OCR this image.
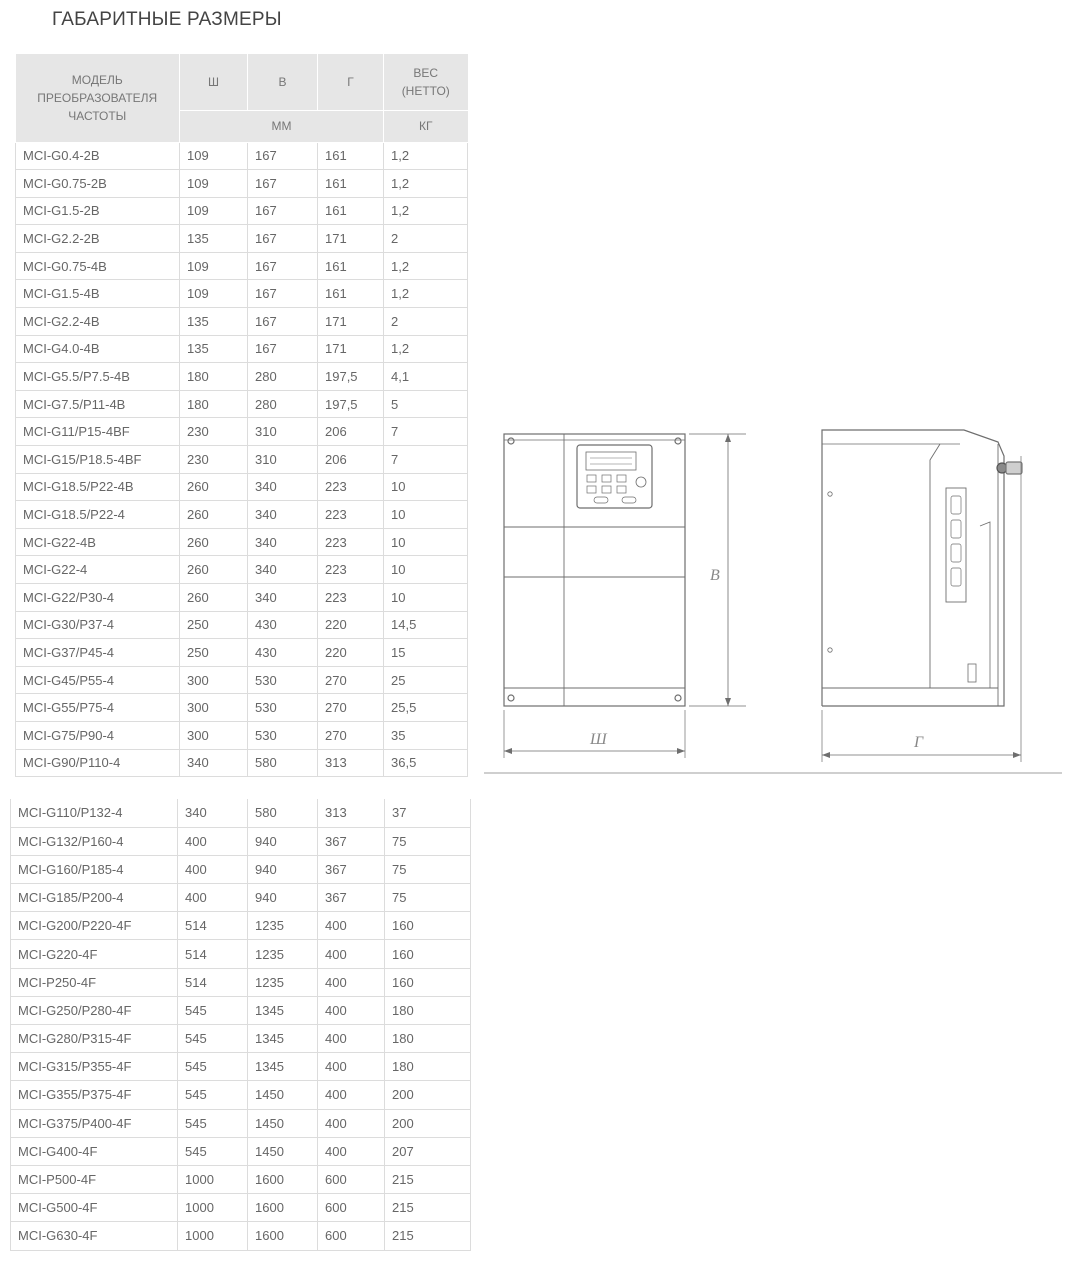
ГАБАРИТНЫЕ РАЗМЕРЫ
МОДЕЛЬ ПРЕОБРАЗОВАТЕЛЯ ЧАСТОТЫ	Ш	В	Г	ВЕС (НЕТТО)
	ММ			КГ
MCI-G0.4-2B	109	167	161	1,2
MCI-G0.75-2B	109	167	161	1,2
MCI-G1.5-2B	109	167	161	1,2
MCI-G2.2-2B	135	167	171	2
MCI-G0.75-4B	109	167	161	1,2
MCI-G1.5-4B	109	167	161	1,2
MCI-G2.2-4B	135	167	171	2
MCI-G4.0-4B	135	167	171	1,2
MCI-G5.5/P7.5-4B	180	280	197,5	4,1
MCI-G7.5/P11-4B	180	280	197,5	5
MCI-G11/P15-4BF	230	310	206	7
MCI-G15/P18.5-4BF	230	310	206	7
MCI-G18.5/P22-4B	260	340	223	10
MCI-G18.5/P22-4	260	340	223	10
MCI-G22-4B	260	340	223	10
MCI-G22-4	260	340	223	10
MCI-G22/P30-4	260	340	223	10
MCI-G30/P37-4	250	430	220	14,5
MCI-G37/P45-4	250	430	220	15
MCI-G45/P55-4	300	530	270	25
MCI-G55/P75-4	300	530	270	25,5
MCI-G75/P90-4	300	530	270	35
MCI-G90/P110-4	340	580	313	36,5
MCI-G110/P132-4	340	580	313	37
MCI-G132/P160-4	400	940	367	75
MCI-G160/P185-4	400	940	367	75
MCI-G185/P200-4	400	940	367	75
MCI-G200/P220-4F	514	1235	400	160
MCI-G220-4F	514	1235	400	160
MCI-P250-4F	514	1235	400	160
MCI-G250/P280-4F	545	1345	400	180
MCI-G280/P315-4F	545	1345	400	180
MCI-G315/P355-4F	545	1345	400	180
MCI-G355/P375-4F	545	1450	400	200
MCI-G375/P400-4F	545	1450	400	200
MCI-G400-4F	545	1450	400	207
MCI-P500-4F	1000	1600	600	215
MCI-G500-4F	1000	1600	600	215
MCI-G630-4F	1000	1600	600	215
Ш
В
Г
